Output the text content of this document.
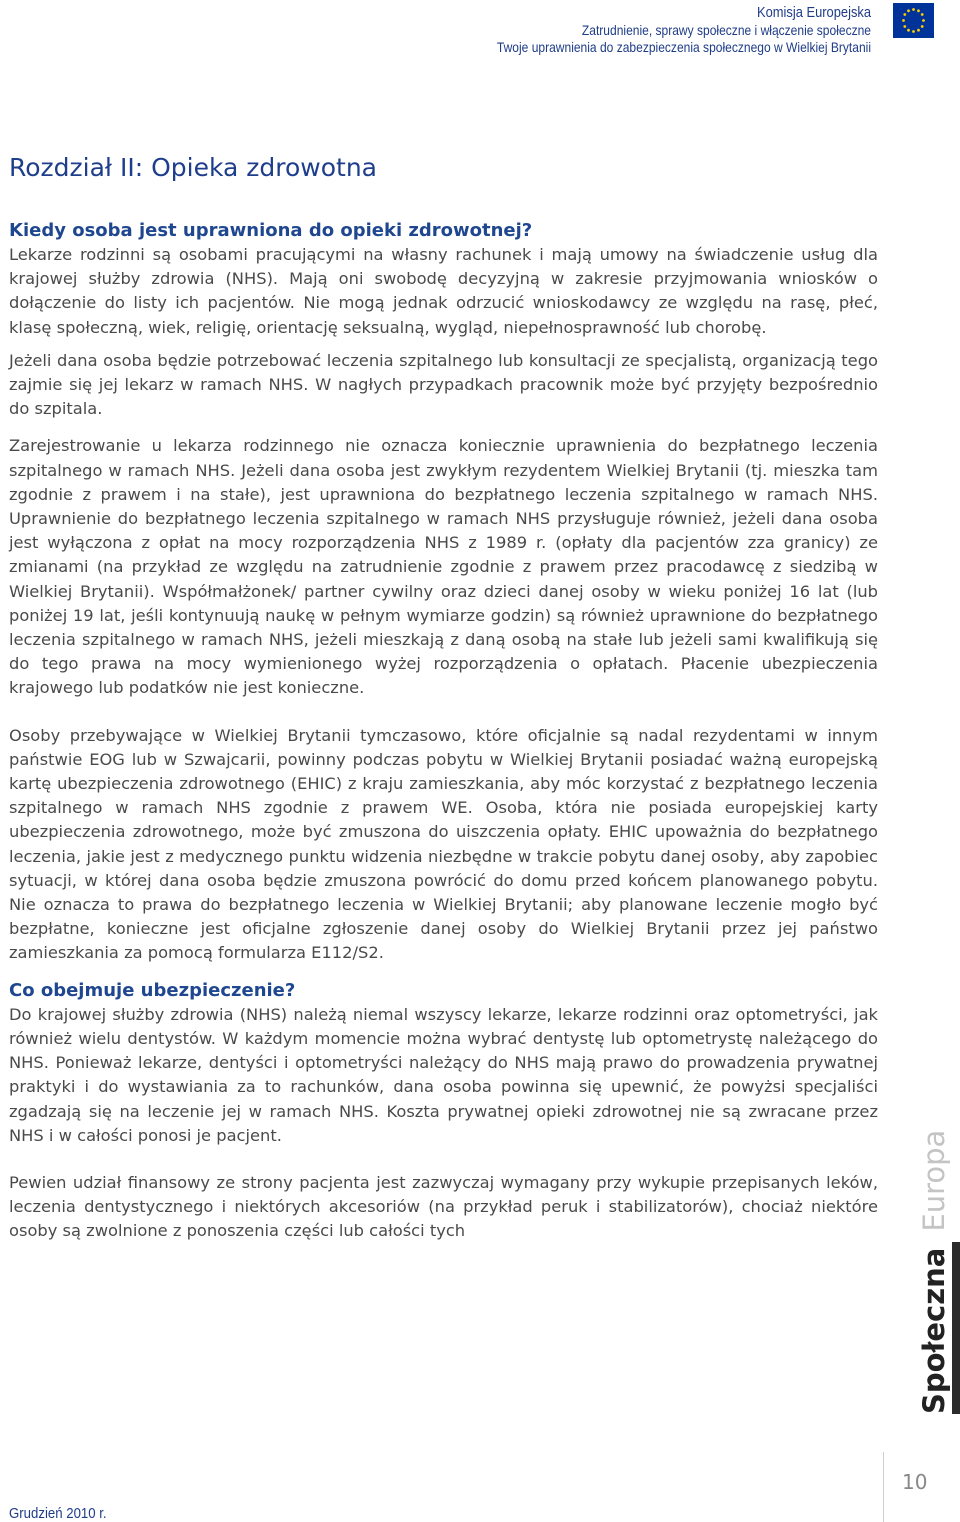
Komisja Europejska
Zatrudnienie, sprawy społeczne i włączenie społeczne
Twoje uprawnienia do zabezpieczenia społecznego w Wielkiej Brytanii
Rozdział II: Opieka zdrowotna
Kiedy osoba jest uprawniona do opieki zdrowotnej?

Lekarze rodzinni są osobami pracującymi na własny rachunek i mają umowy na świadczenie usług dla krajowej służby zdrowia (NHS). Mają oni swobodę decyzyjną w zakresie przyjmowania wniosków o dołączenie do listy ich pacjentów. Nie mogą jednak odrzucić wnioskodawcy ze względu na rasę, płeć, klasę społeczną, wiek, religię, orientację seksualną, wygląd, niepełnosprawność lub chorobę.

Jeżeli dana osoba będzie potrzebować leczenia szpitalnego lub konsultacji ze specjalistą, organizacją tego zajmie się jej lekarz w ramach NHS. W nagłych przypadkach pracownik może być przyjęty bezpośrednio do szpitala.

Zarejestrowanie u lekarza rodzinnego nie oznacza koniecznie uprawnienia do bezpłatnego leczenia szpitalnego w ramach NHS. Jeżeli dana osoba jest zwykłym rezydentem Wielkiej Brytanii (tj. mieszka tam zgodnie z prawem i na stałe), jest uprawniona do bezpłatnego leczenia szpitalnego w ramach NHS. Uprawnienie do bezpłatnego leczenia szpitalnego w ramach NHS przysługuje również, jeżeli dana osoba jest wyłączona z opłat na mocy rozporządzenia NHS z 1989 r. (opłaty dla pacjentów zza granicy) ze zmianami (na przykład ze względu na zatrudnienie zgodnie z prawem przez pracodawcę z siedzibą w Wielkiej Brytanii). Współmałżonek/ partner cywilny oraz dzieci danej osoby w wieku poniżej 16 lat (lub poniżej 19 lat, jeśli kontynuują naukę w pełnym wymiarze godzin) są również uprawnione do bezpłatnego leczenia szpitalnego w ramach NHS, jeżeli mieszkają z daną osobą na stałe lub jeżeli sami kwalifikują się do tego prawa na mocy wymienionego wyżej rozporządzenia o opłatach. Płacenie ubezpieczenia krajowego lub podatków nie jest konieczne.

Osoby przebywające w Wielkiej Brytanii tymczasowo, które oficjalnie są nadal rezydentami w innym państwie EOG lub w Szwajcarii, powinny podczas pobytu w Wielkiej Brytanii posiadać ważną europejską kartę ubezpieczenia zdrowotnego (EHIC) z kraju zamieszkania, aby móc korzystać z bezpłatnego leczenia szpitalnego w ramach NHS zgodnie z prawem WE. Osoba, która nie posiada europejskiej karty ubezpieczenia zdrowotnego, może być zmuszona do uiszczenia opłaty. EHIC upoważnia do bezpłatnego leczenia, jakie jest z medycznego punktu widzenia niezbędne w trakcie pobytu danej osoby, aby zapobiec sytuacji, w której dana osoba będzie zmuszona powrócić do domu przed końcem planowanego pobytu. Nie oznacza to prawa do bezpłatnego leczenia w Wielkiej Brytanii; aby planowane leczenie mogło być bezpłatne, konieczne jest oficjalne zgłoszenie danej osoby do Wielkiej Brytanii przez jej państwo zamieszkania za pomocą formularza E112/S2.

Co obejmuje ubezpieczenie?

Do krajowej służby zdrowia (NHS) należą niemal wszyscy lekarze, lekarze rodzinni oraz optometryści, jak również wielu dentystów. W każdym momencie można wybrać dentystę lub optometrystę należącego do NHS. Ponieważ lekarze, dentyści i optometryści należący do NHS mają prawo do prowadzenia prywatnej praktyki i do wystawiania za to rachunków, dana osoba powinna się upewnić, że powyżsi specjaliści zgadzają się na leczenie jej w ramach NHS. Koszta prywatnej opieki zdrowotnej nie są zwracane przez NHS i w całości ponosi je pacjent.

Pewien udział finansowy ze strony pacjenta jest zazwyczaj wymagany przy wykupie przepisanych leków, leczenia dentystycznego i niektórych akcesoriów (na przykład peruk i stabilizatorów), chociaż niektóre osoby są zwolnione z ponoszenia części lub całości tych

Społeczna Europa
10
Grudzień 2010 r.
